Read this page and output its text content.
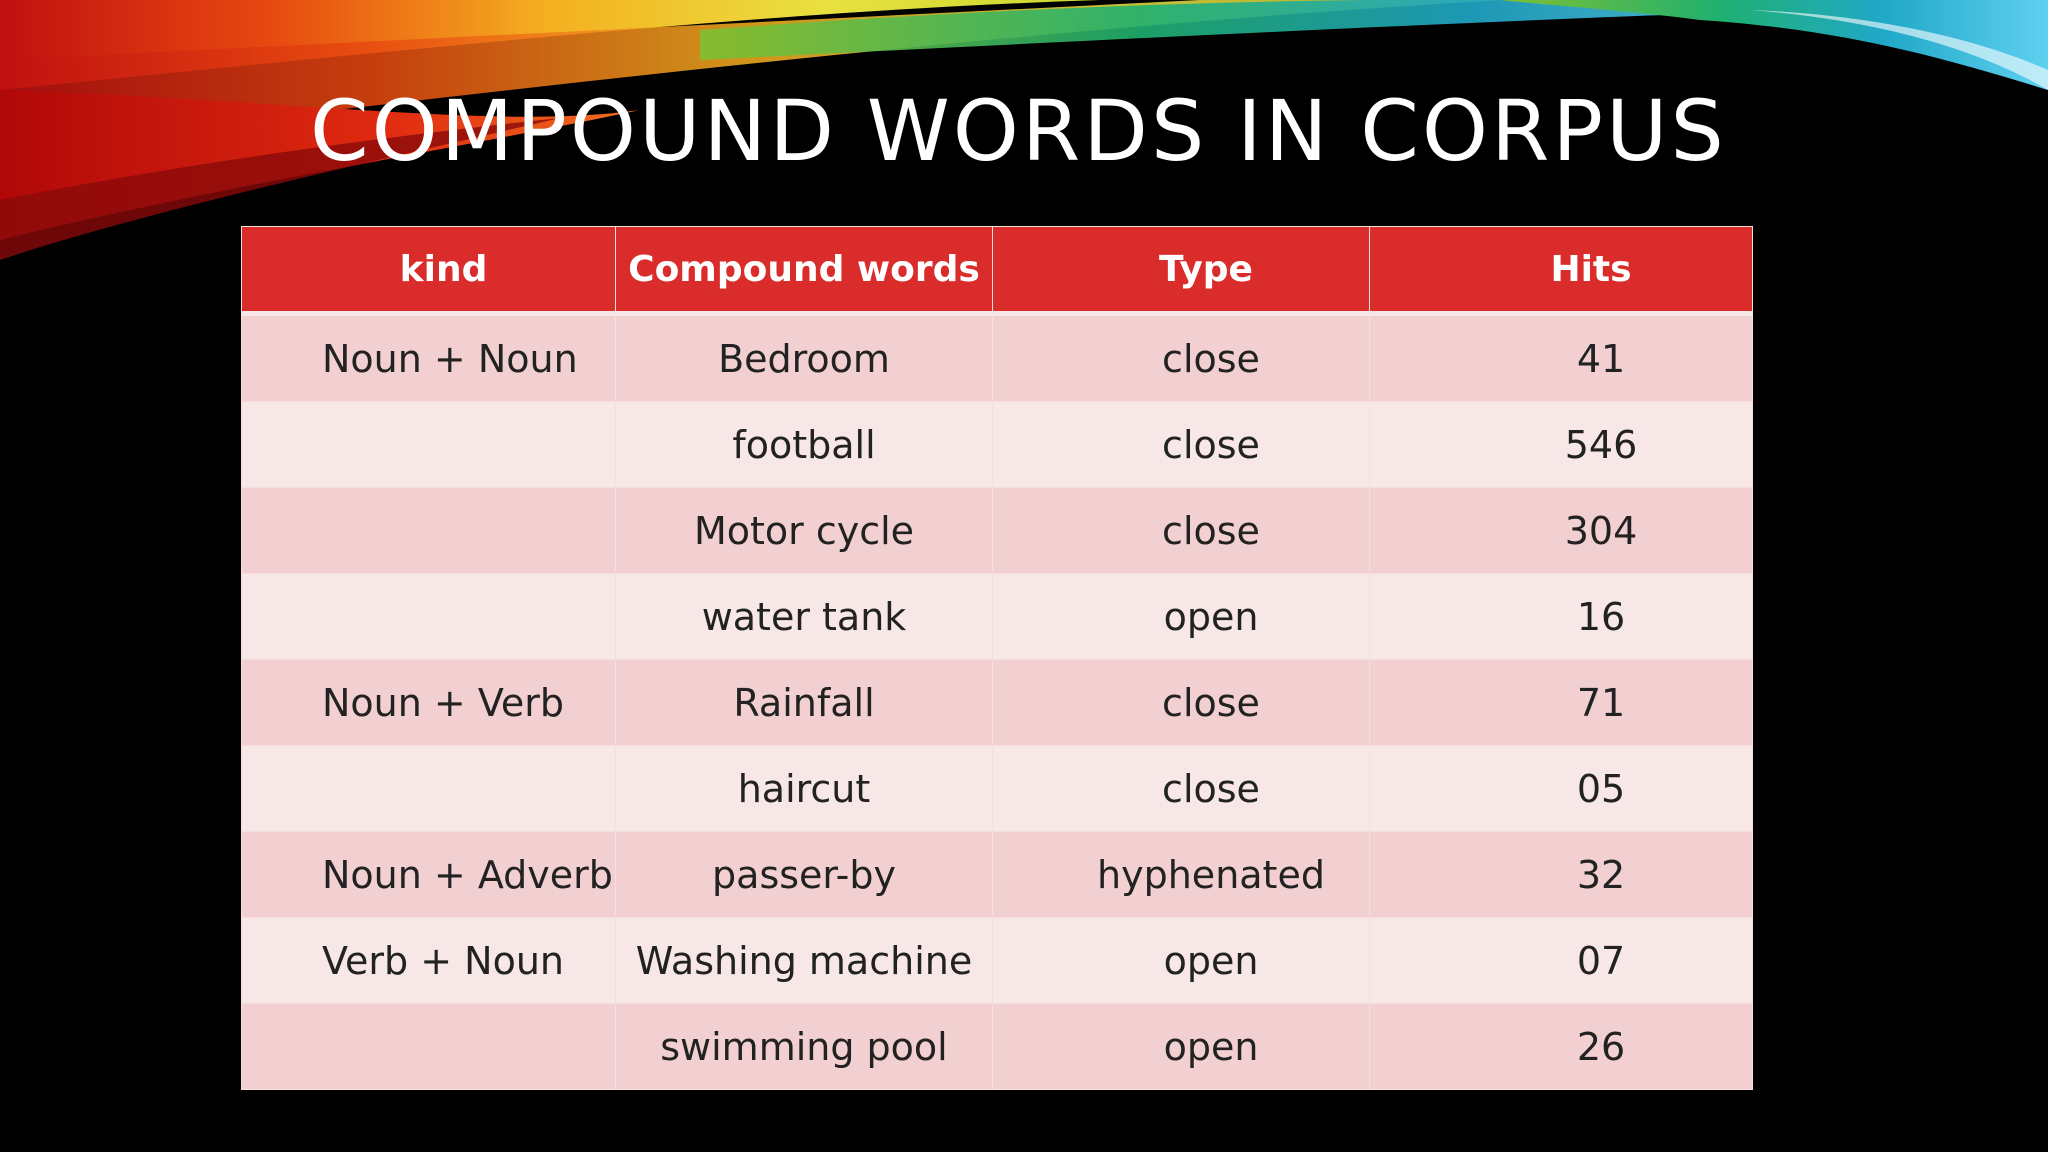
COMPOUND WORDS IN CORPUS
kind	Compound words	Type	Hits
Noun + Noun	Bedroom	close	41
	football	close	546
	Motor cycle	close	304
	water tank	open	16
Noun + Verb	Rainfall	close	71
	haircut	close	05
Noun + Adverb	passer-by	hyphenated	32
Verb + Noun	Washing machine	open	07
	swimming pool	open	26
